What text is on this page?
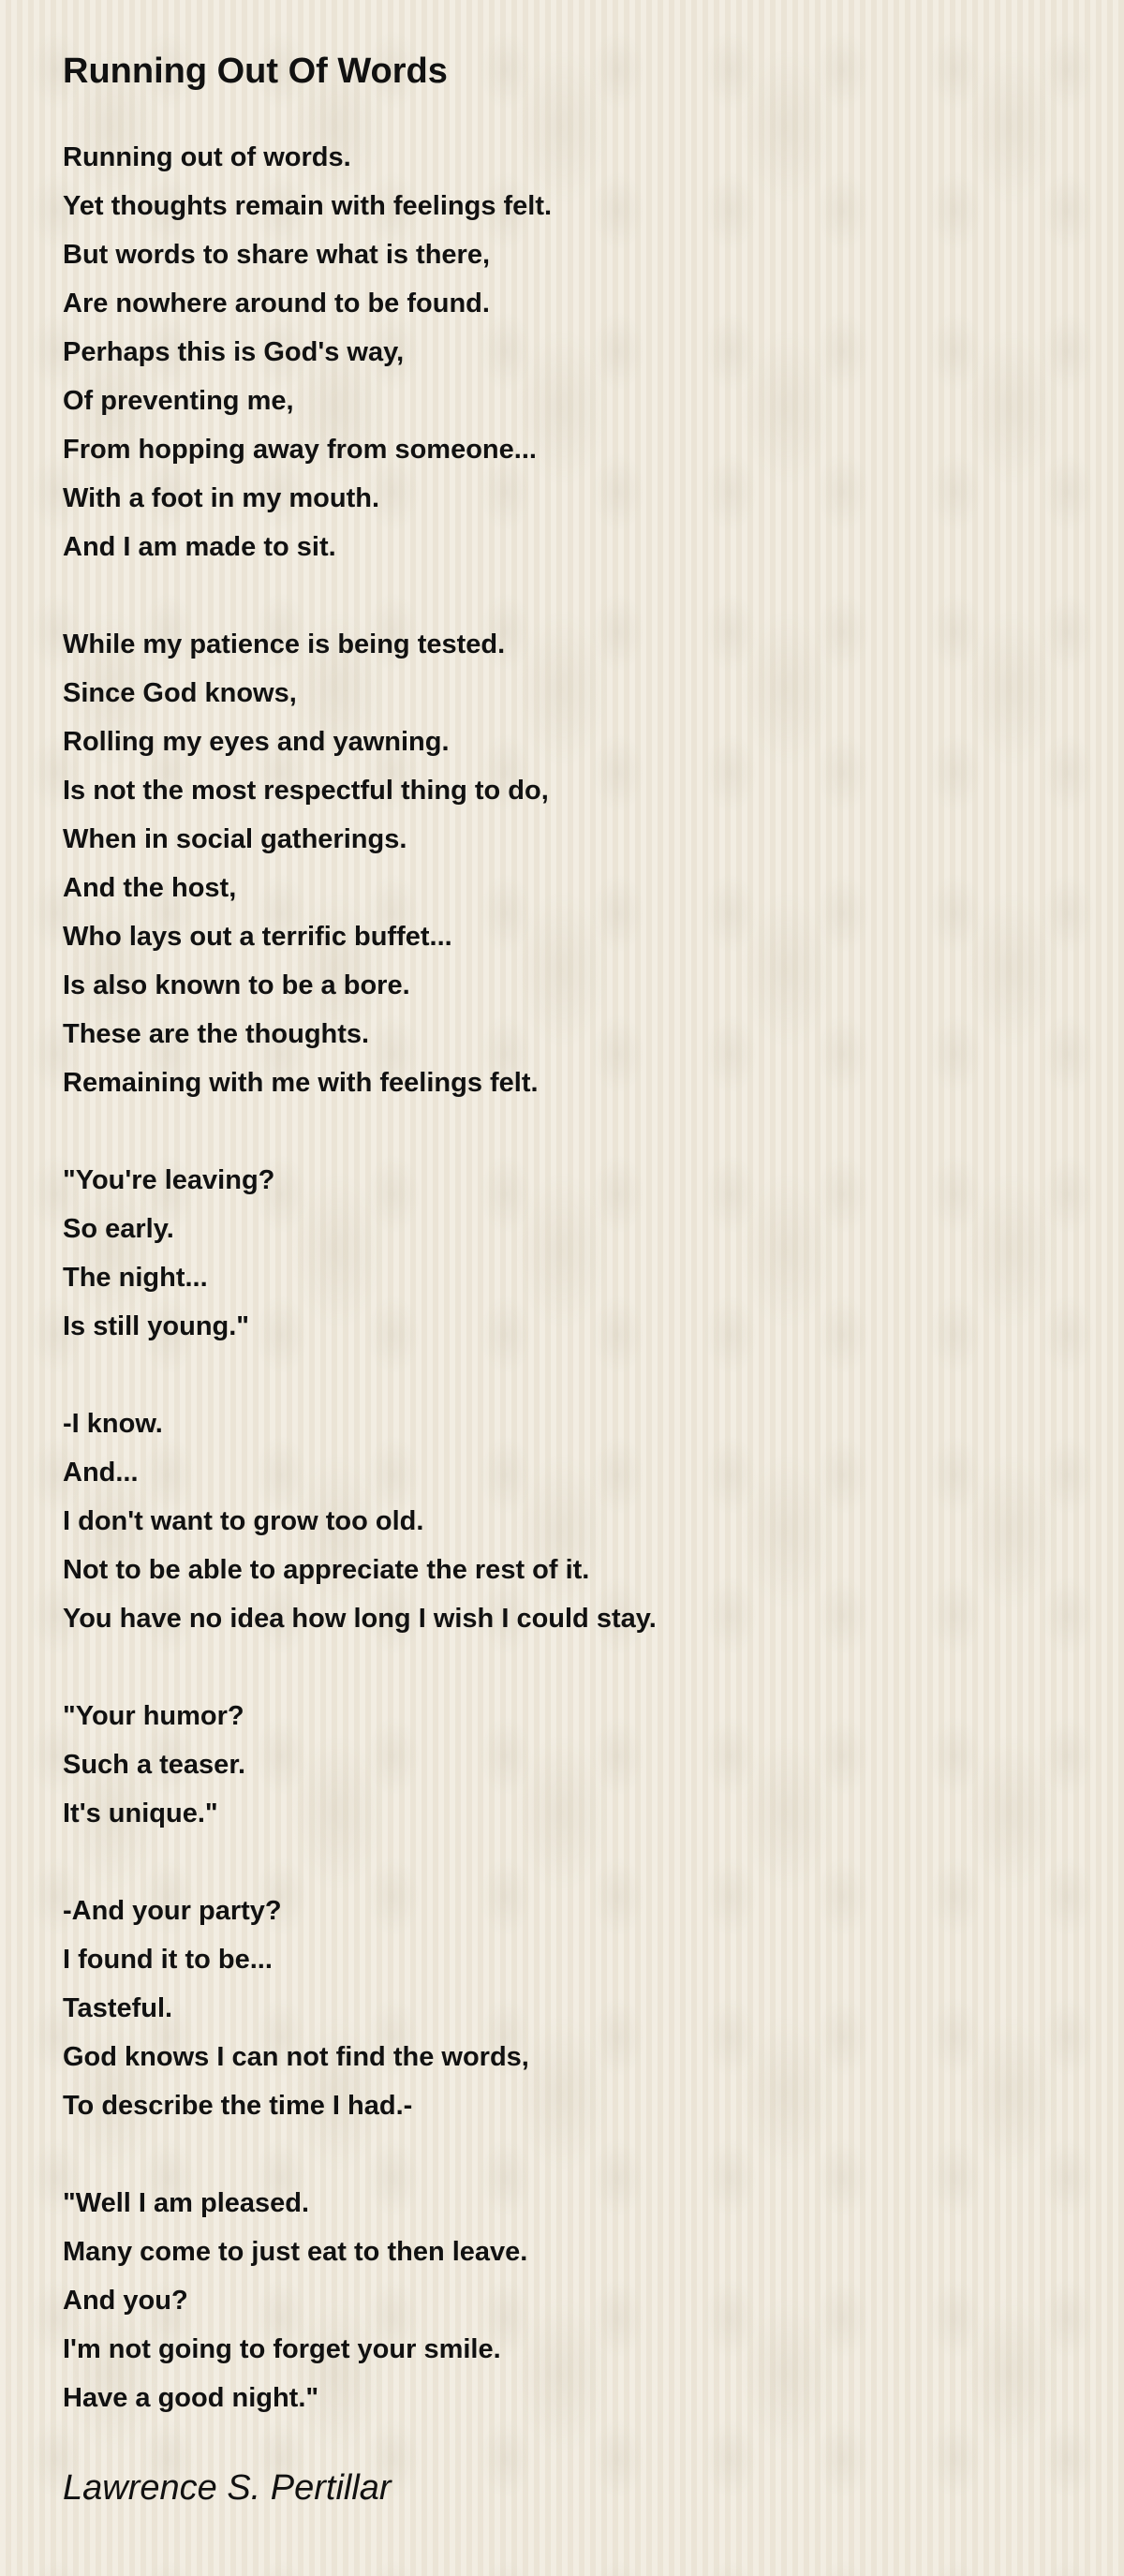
Running Out Of Words
Running out of words.
Yet thoughts remain with feelings felt.
But words to share what is there,
Are nowhere around to be found.
Perhaps this is God's way,
Of preventing me,
From hopping away from someone...
With a foot in my mouth.
And I am made to sit.
While my patience is being tested.
Since God knows,
Rolling my eyes and yawning.
Is not the most respectful thing to do,
When in social gatherings.
And the host,
Who lays out a terrific buffet...
Is also known to be a bore.
These are the thoughts.
Remaining with me with feelings felt.
"You're leaving?
So early.
The night...
Is still young."
-I know.
And...
I don't want to grow too old.
Not to be able to appreciate the rest of it.
You have no idea how long I wish I could stay.
"Your humor?
Such a teaser.
It's unique."
-And your party?
I found it to be...
Tasteful.
God knows I can not find the words,
To describe the time I had.-
"Well I am pleased.
Many come to just eat to then leave.
And you?
I'm not going to forget your smile.
Have a good night."
Lawrence S. Pertillar
